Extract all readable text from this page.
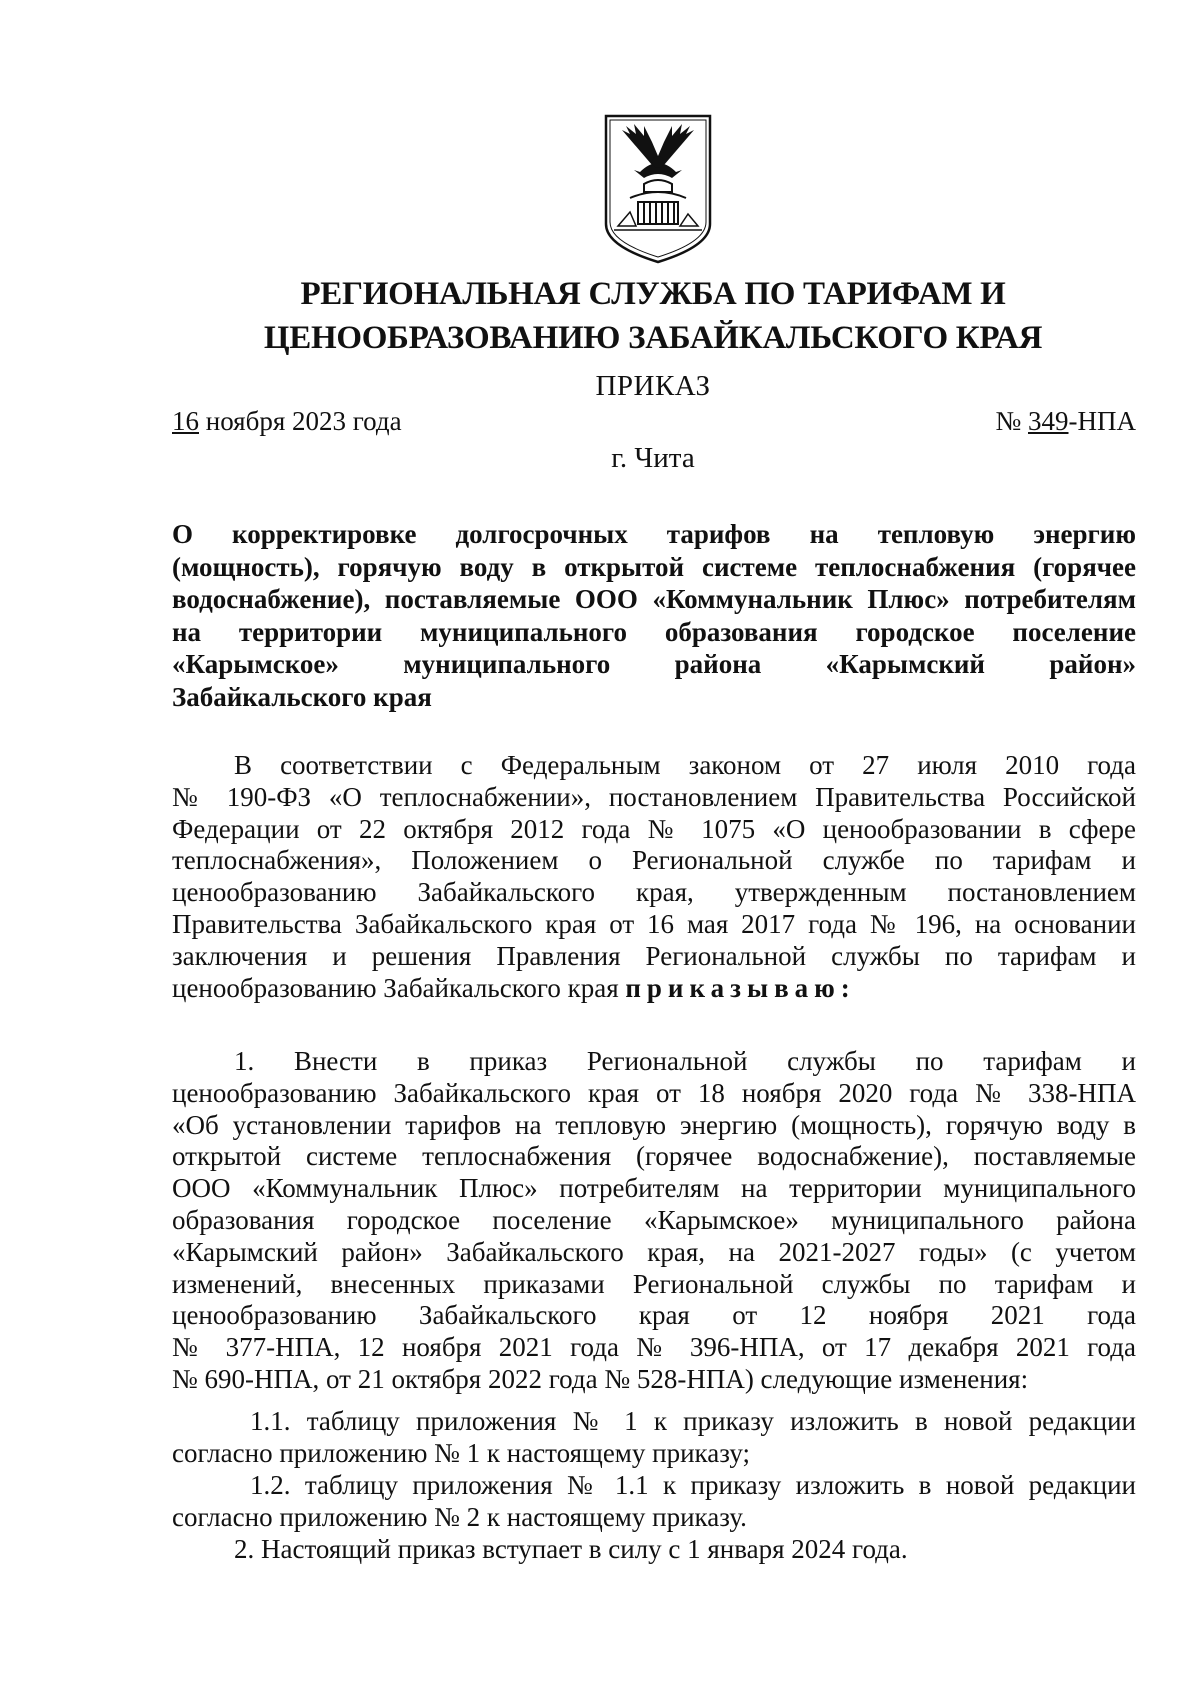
РЕГИОНАЛЬНАЯ СЛУЖБА ПО ТАРИФАМ И
ЦЕНООБРАЗОВАНИЮ ЗАБАЙКАЛЬСКОГО КРАЯ
ПРИКАЗ
16 ноября 2023 года	№ 349-НПА
г. Чита
О корректировке долгосрочных тарифов на тепловую энергию
(мощность), горячую воду в открытой системе теплоснабжения (горячее
водоснабжение), поставляемые ООО «Коммунальник Плюс» потребителям
на территории муниципального образования городское поселение
«Карымское» муниципального района «Карымский район»
Забайкальского края
В соответствии с Федеральным законом от 27 июля 2010 года
№ 190-ФЗ «О теплоснабжении», постановлением Правительства Российской
Федерации от 22 октября 2012 года № 1075 «О ценообразовании в сфере
теплоснабжения», Положением о Региональной службе по тарифам и
ценообразованию Забайкальского края, утвержденным постановлением
Правительства Забайкальского края от 16 мая 2017 года № 196, на основании
заключения и решения Правления Региональной службы по тарифам и
ценообразованию Забайкальского края приказываю:
1. Внести в приказ Региональной службы по тарифам и
ценообразованию Забайкальского края от 18 ноября 2020 года № 338-НПА
«Об установлении тарифов на тепловую энергию (мощность), горячую воду в
открытой системе теплоснабжения (горячее водоснабжение), поставляемые
ООО «Коммунальник Плюс» потребителям на территории муниципального
образования городское поселение «Карымское» муниципального района
«Карымский район» Забайкальского края, на 2021-2027 годы» (с учетом
изменений, внесенных приказами Региональной службы по тарифам и
ценообразованию Забайкальского края от 12 ноября 2021 года
№ 377-НПА, 12 ноября 2021 года № 396-НПА, от 17 декабря 2021 года
№ 690-НПА, от 21 октября 2022 года № 528-НПА) следующие изменения:
1.1. таблицу приложения № 1 к приказу изложить в новой редакции
согласно приложению № 1 к настоящему приказу;
1.2. таблицу приложения № 1.1 к приказу изложить в новой редакции
согласно приложению № 2 к настоящему приказу.
2. Настоящий приказ вступает в силу с 1 января 2024 года.
